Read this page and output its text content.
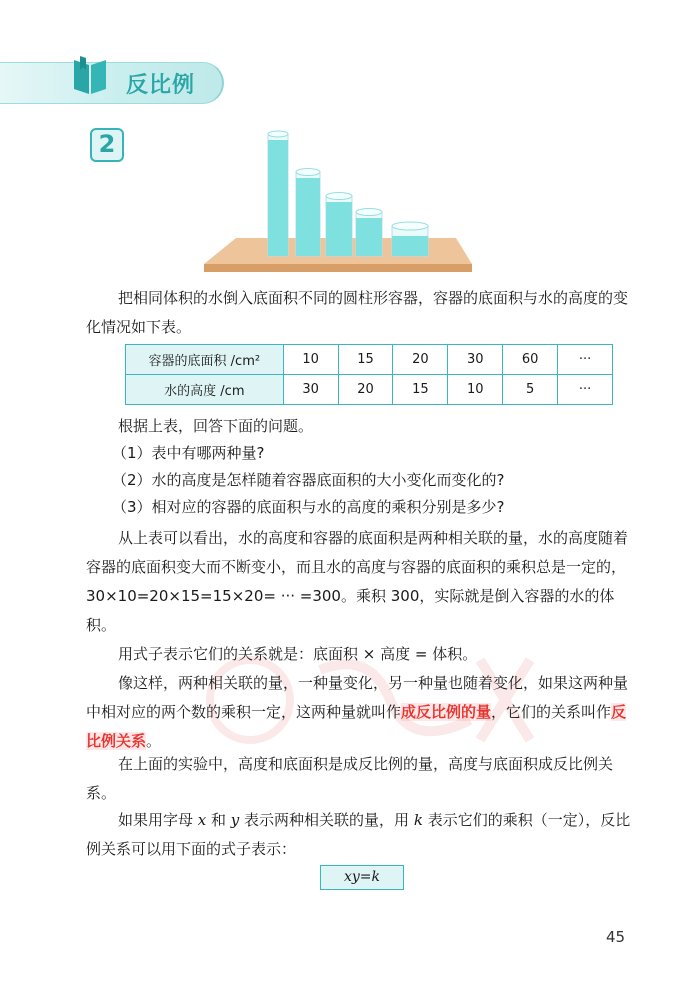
反比例
2
把相同体积的水倒入底面积不同的圆柱形容器，容器的底面积与水的高度的变化情况如下表。
容器的底面积 /cm²	10	15	20	30	60	···
水的高度 /cm	30	20	15	10	5	···
根据上表，回答下面的问题。
（1）表中有哪两种量?
（2）水的高度是怎样随着容器底面积的大小变化而变化的?
（3）相对应的容器的底面积与水的高度的乘积分别是多少?
从上表可以看出，水的高度和容器的底面积是两种相关联的量，水的高度随着容器的底面积变大而不断变小，而且水的高度与容器的底面积的乘积总是一定的，30×10=20×15=15×20= ··· =300。乘积 300，实际就是倒入容器的水的体积。
用式子表示它们的关系就是：底面积 × 高度 = 体积。
像这样，两种相关联的量，一种量变化，另一种量也随着变化，如果这两种量中相对应的两个数的乘积一定，这两种量就叫作成反比例的量，它们的关系叫作反比例关系。
在上面的实验中，高度和底面积是成反比例的量，高度与底面积成反比例关系。
如果用字母 x 和 y 表示两种相关联的量，用 k 表示它们的乘积（一定），反比例关系可以用下面的式子表示：
xy=k
45
